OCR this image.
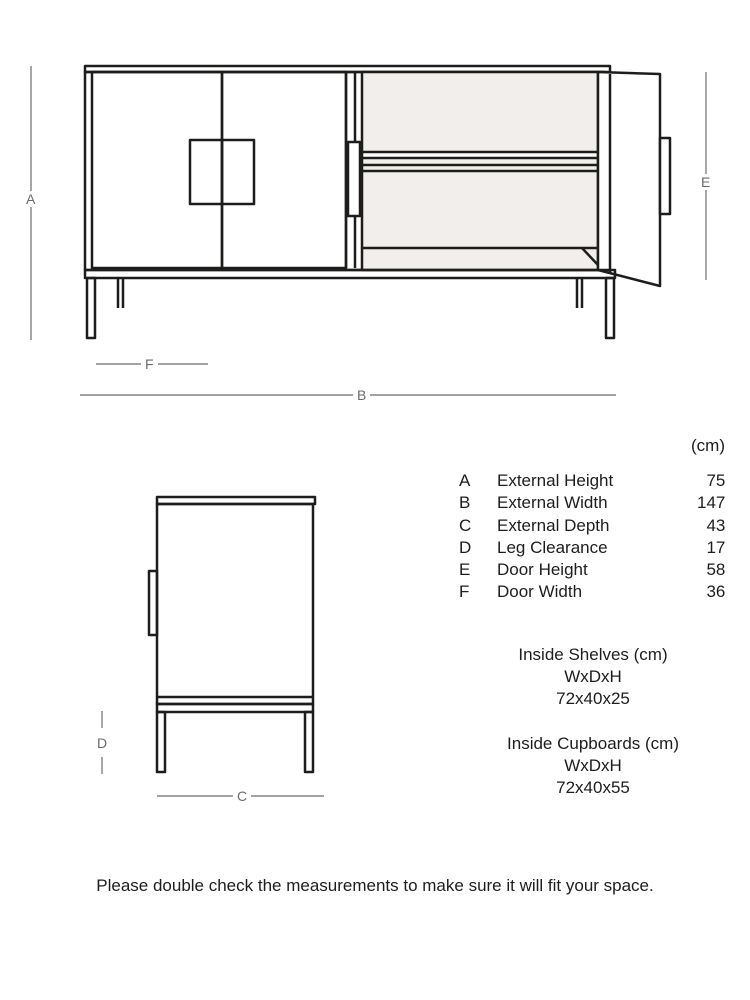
A
E
F
B
D
C
(cm)
A	External Height	75
B	External Width	147
C	External Depth	43
D	Leg Clearance	17
E	Door Height	58
F	Door Width	36
Inside Shelves (cm)
WxDxH
72x40x25
Inside Cupboards (cm)
WxDxH
72x40x55
Please double check the measurements to make sure it will fit your space.
